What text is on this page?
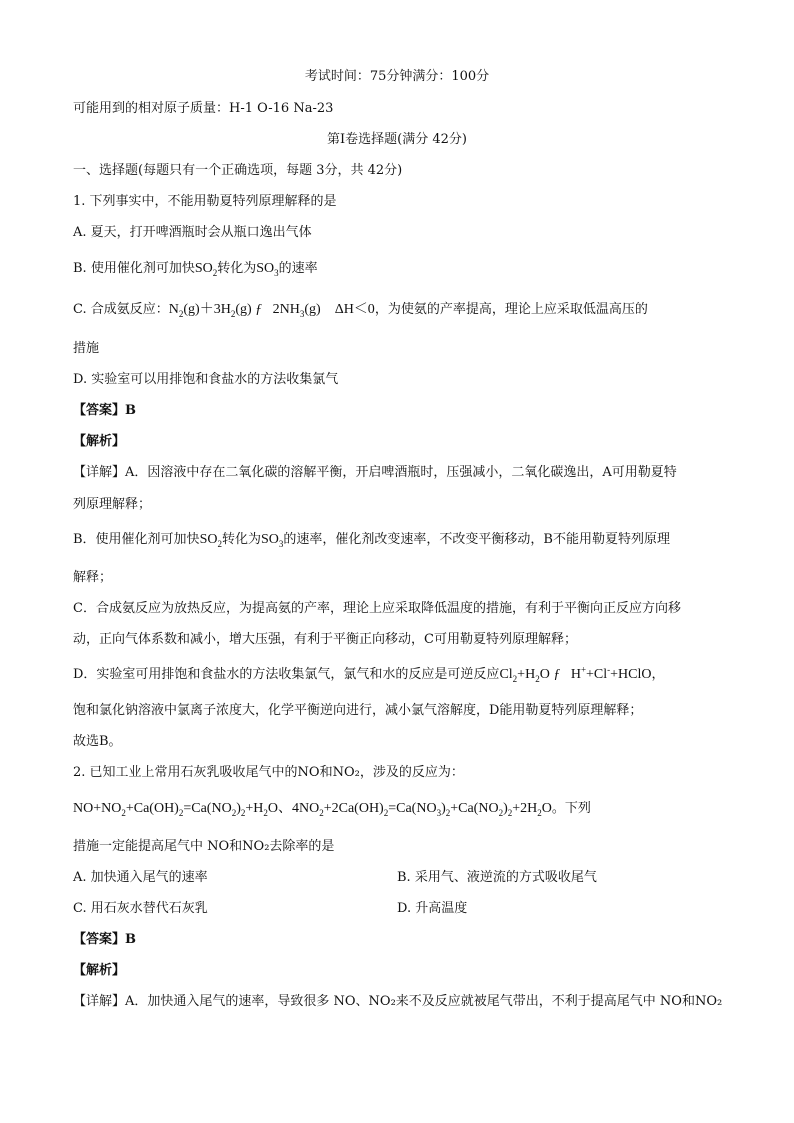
考试时间：75分钟满分：100分
可能用到的相对原子质量：H-1 O-16 Na-23
第Ⅰ卷选择题(满分 42分)
一、选择题(每题只有一个正确选项，每题 3分，共 42分)
1. 下列事实中，不能用勒夏特列原理解释的是
A. 夏天，打开啤酒瓶时会从瓶口逸出气体
B. 使用催化剂可加快$SO_2$转化为$SO_3$的速率
C. 合成氨反应：$N_2(g)+3H_2(g)$ ƒ   $2NH_3(g)$    ΔH＜0，为使氨的产率提高，理论上应采取低温高压的
措施
D. 实验室可以用排饱和食盐水的方法收集氯气
【答案】B
【解析】
【详解】A．因溶液中存在二氧化碳的溶解平衡，开启啤酒瓶时，压强减小，二氧化碳逸出，A可用勒夏特
列原理解释；
B．使用催化剂可加快$SO_2$转化为$SO_3$的速率，催化剂改变速率，不改变平衡移动，B不能用勒夏特列原理
解释；
C．合成氨反应为放热反应，为提高氨的产率，理论上应采取降低温度的措施，有利于平衡向正反应方向移
动，正向气体系数和减小，增大压强，有利于平衡正向移动，C可用勒夏特列原理解释；
D．实验室可用排饱和食盐水的方法收集氯气，氯气和水的反应是可逆反应$Cl_2+H_2O$ ƒ   H++Cl-+HClO，
饱和氯化钠溶液中氯离子浓度大，化学平衡逆向进行，减小氯气溶解度，D能用勒夏特列原理解释；
故选B。
2. 已知工业上常用石灰乳吸收尾气中的NO和NO₂，涉及的反应为：
$NO+NO_2+Ca(OH)_2=Ca(NO_2)_2+H_2O$、$4NO_2+2Ca(OH)_2=Ca(NO_3)_2+Ca(NO_2)_2+2H_2O$。下列
措施一定能提高尾气中 NO和NO₂去除率的是
A. 加快通入尾气的速率	B. 采用气、液逆流的方式吸收尾气
C. 用石灰水替代石灰乳	D. 升高温度
【答案】B
【解析】
【详解】A．加快通入尾气的速率，导致很多 NO、NO₂来不及反应就被尾气带出，不利于提高尾气中 NO和NO₂
